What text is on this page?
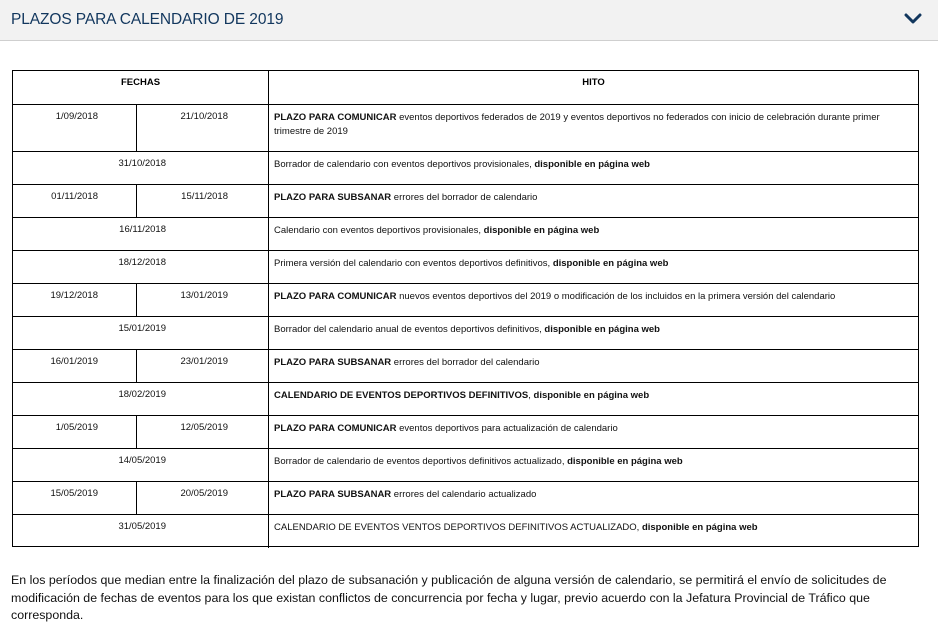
PLAZOS PARA CALENDARIO DE 2019
FECHAS	HITO
1/09/2018	21/10/2018	PLAZO PARA COMUNICAR eventos deportivos federados de 2019 y eventos deportivos no federados con inicio de celebración durante primer trimestre de 2019
31/10/2018	Borrador de calendario con eventos deportivos provisionales, disponible en página web
01/11/2018	15/11/2018	PLAZO PARA SUBSANAR errores del borrador de calendario
16/11/2018	Calendario con eventos deportivos provisionales, disponible en página web
18/12/2018	Primera versión del calendario con eventos deportivos definitivos, disponible en página web
19/12/2018	13/01/2019	PLAZO PARA COMUNICAR nuevos eventos deportivos del 2019 o modificación de los incluidos en la primera versión del calendario
15/01/2019	Borrador del calendario anual de eventos deportivos definitivos, disponible en página web
16/01/2019	23/01/2019	PLAZO PARA SUBSANAR errores del borrador del calendario
18/02/2019	CALENDARIO DE EVENTOS DEPORTIVOS DEFINITIVOS, disponible en página web
1/05/2019	12/05/2019	PLAZO PARA COMUNICAR eventos deportivos para actualización de calendario
14/05/2019	Borrador de calendario de eventos deportivos definitivos actualizado, disponible en página web
15/05/2019	20/05/2019	PLAZO PARA SUBSANAR errores del calendario actualizado
31/05/2019	CALENDARIO DE EVENTOS VENTOS DEPORTIVOS DEFINITIVOS ACTUALIZADO, disponible en página web
En los períodos que median entre la finalización del plazo de subsanación y publicación de alguna versión de calendario, se permitirá el envío de solicitudes de modificación de fechas de eventos para los que existan conflictos de concurrencia por fecha y lugar, previo acuerdo con la Jefatura Provincial de Tráfico que corresponda.
